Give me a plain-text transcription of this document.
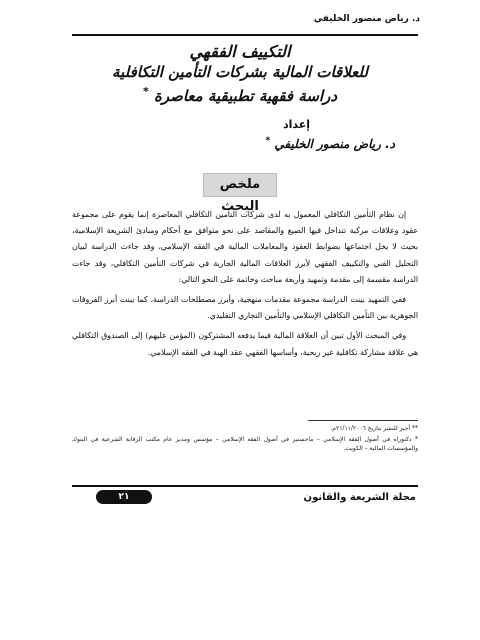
د. رياض منصور الخليفي
التكييف الفقهي
للعلاقات المالية بشركات التأمين التكافلية
دراسة فقهية تطبيقية معاصرة *
إعداد
د. رياض منصور الخليفي *
ملخص البحث

إن نظام التأمين التكافلي المعمول به لدى شركات التأمين التكافلي المعاصرة إنما يقوم على مجموعة عقود وعلاقات مركبة تتداخل فيها الصيغ والمقاصد على نحو متوافق مع أحكام ومبادئ الشريعة الإسلامية، بحيث لا يخل اجتماعها بضوابط العقود والمعاملات المالية في الفقه الإسلامي، وقد جاءت الدراسة لبيان التحليل الفني والتكييف الفقهي لأبرز العلاقات المالية الجارية في شركات التأمين التكافلي، وقد جاءت الدراسة مقسمة إلى مقدمة وتمهيد وأربعة مباحث وخاتمة على النحو التالي:

ففي التمهيد بينت الدراسة مجموعة مقدمات منهجية، وأبرز مصطلحات الدراسة، كما بينت أبرز الفروقات الجوهرية بين التأمين التكافلي الإسلامي والتأمين التجاري التقليدي.

وفي المبحث الأول تبين أن العلاقة المالية فيما يدفعه المشتركون (المؤمن عليهم) إلى الصندوق التكافلي هي علاقة مشاركة تكافلية غير ربحية، وأساسها الفقهي عقد الهبة في الفقه الإسلامي.

** أجيز للنشر بتاريخ ٢١/١١/٢٠٠٦م.
* دكتوراه في أصول الفقه الإسلامي – ماجستير في أصول الفقه الإسلامي – مؤسس ومدير عام مكتب الرقابة الشرعية في البنوك والمؤسسات المالية – الكويت.
مجلة الشريعة والقانون
٢١
